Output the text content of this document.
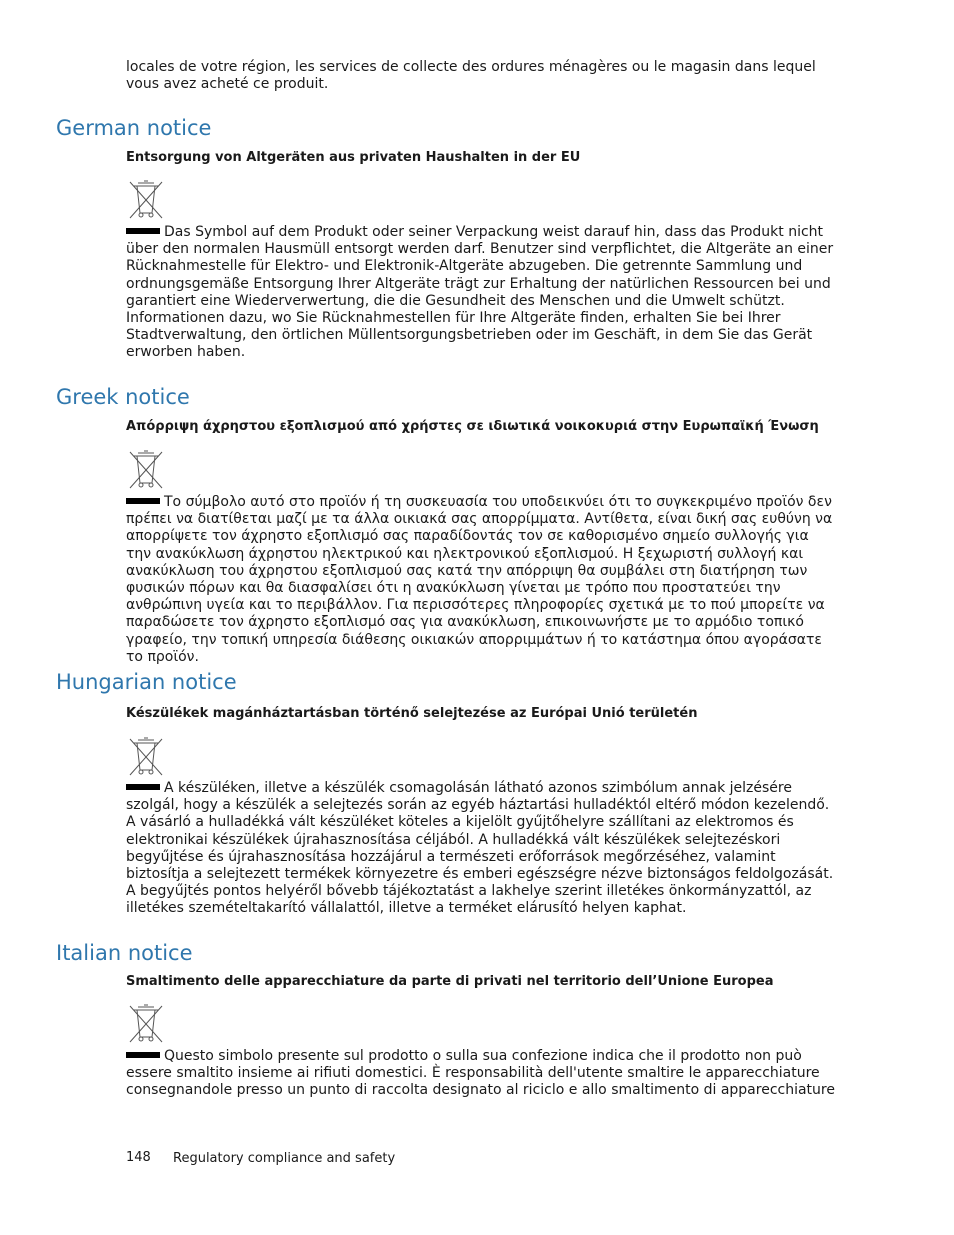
locales de votre région, les services de collecte des ordures ménagères ou le magasin dans lequel vous avez acheté ce produit.

German notice

Entsorgung von Altgeräten aus privaten Haushalten in der EU

Das Symbol auf dem Produkt oder seiner Verpackung weist darauf hin, dass das Produkt nicht über den normalen Hausmüll entsorgt werden darf. Benutzer sind verpflichtet, die Altgeräte an einer Rücknahmestelle für Elektro- und Elektronik-Altgeräte abzugeben. Die getrennte Sammlung und ordnungsgemäße Entsorgung Ihrer Altgeräte trägt zur Erhaltung der natürlichen Ressourcen bei und garantiert eine Wiederverwertung, die die Gesundheit des Menschen und die Umwelt schützt. Informationen dazu, wo Sie Rücknahmestellen für Ihre Altgeräte finden, erhalten Sie bei Ihrer Stadtverwaltung, den örtlichen Müllentsorgungsbetrieben oder im Geschäft, in dem Sie das Gerät erworben haben.

Greek notice

Απόρριψη άχρηστου εξοπλισμού από χρήστες σε ιδιωτικά νοικοκυριά στην Ευρωπαϊκή Ένωση

Το σύμβολο αυτό στο προϊόν ή τη συσκευασία του υποδεικνύει ότι το συγκεκριμένο προϊόν δεν πρέπει να διατίθεται μαζί με τα άλλα οικιακά σας απορρίμματα. Αντίθετα, είναι δική σας ευθύνη να απορρίψετε τον άχρηστο εξοπλισμό σας παραδίδοντάς τον σε καθορισμένο σημείο συλλογής για την ανακύκλωση άχρηστου ηλεκτρικού και ηλεκτρονικού εξοπλισμού. Η ξεχωριστή συλλογή και ανακύκλωση του άχρηστου εξοπλισμού σας κατά την απόρριψη θα συμβάλει στη διατήρηση των φυσικών πόρων και θα διασφαλίσει ότι η ανακύκλωση γίνεται με τρόπο που προστατεύει την ανθρώπινη υγεία και το περιβάλλον. Για περισσότερες πληροφορίες σχετικά με το πού μπορείτε να παραδώσετε τον άχρηστο εξοπλισμό σας για ανακύκλωση, επικοινωνήστε με το αρμόδιο τοπικό γραφείο, την τοπική υπηρεσία διάθεσης οικιακών απορριμμάτων ή το κατάστημα όπου αγοράσατε το προϊόν.

Hungarian notice

Készülékek magánháztartásban történő selejtezése az Európai Unió területén

A készüléken, illetve a készülék csomagolásán látható azonos szimbólum annak jelzésére szolgál, hogy a készülék a selejtezés során az egyéb háztartási hulladéktól eltérő módon kezelendő. A vásárló a hulladékká vált készüléket köteles a kijelölt gyűjtőhelyre szállítani az elektromos és elektronikai készülékek újrahasznosítása céljából. A hulladékká vált készülékek selejtezéskori begyűjtése és újrahasznosítása hozzájárul a természeti erőforrások megőrzéséhez, valamint biztosítja a selejtezett termékek környezetre és emberi egészségre nézve biztonságos feldolgozását. A begyűjtés pontos helyéről bővebb tájékoztatást a lakhelye szerint illetékes önkormányzattól, az illetékes szemételtakarító vállalattól, illetve a terméket elárusító helyen kaphat.

Italian notice

Smaltimento delle apparecchiature da parte di privati nel territorio dell’Unione Europea

Questo simbolo presente sul prodotto o sulla sua confezione indica che il prodotto non può essere smaltito insieme ai rifiuti domestici. È responsabilità dell'utente smaltire le apparecchiature consegnandole presso un punto di raccolta designato al riciclo e allo smaltimento di apparecchiature

148 Regulatory compliance and safety
